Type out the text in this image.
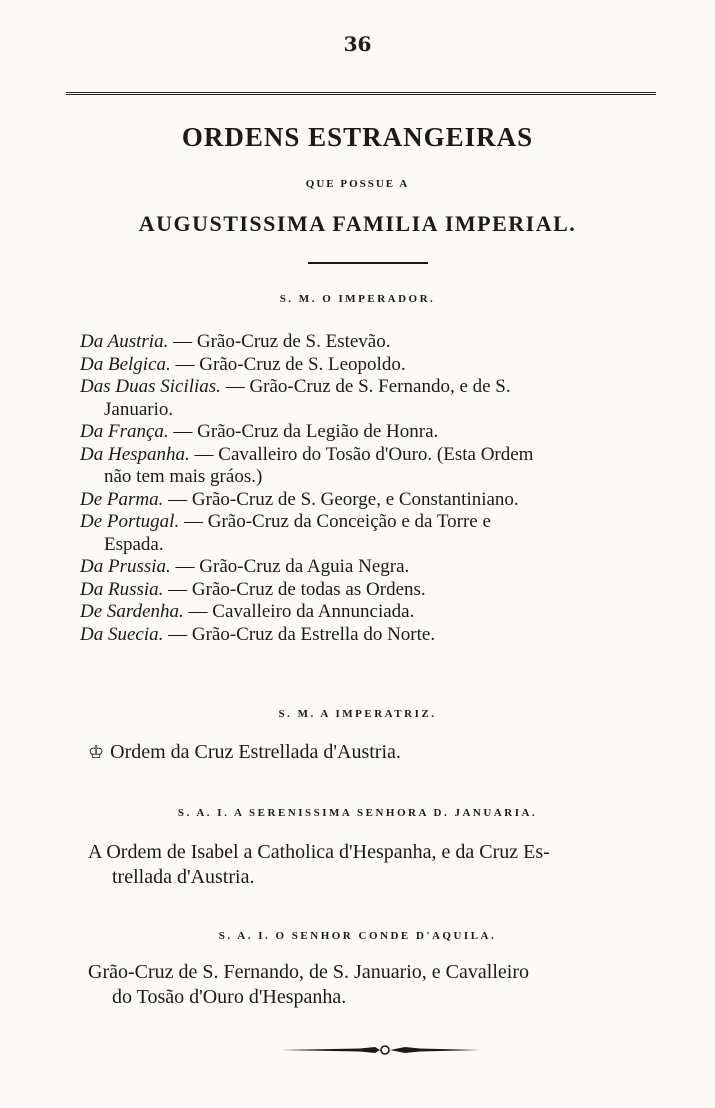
36
ORDENS ESTRANGEIRAS
QUE POSSUE A
AUGUSTISSIMA FAMILIA IMPERIAL.
S. M. O IMPERADOR.
Da Austria. — Grão-Cruz de S. Estevão.
Da Belgica. — Grão-Cruz de S. Leopoldo.
Das Duas Sicilias. — Grão-Cruz de S. Fernando, e de S.
Januario.
Da França. — Grão-Cruz da Legião de Honra.
Da Hespanha. — Cavalleiro do Tosão d'Ouro. (Esta Ordem
não tem mais gráos.)
De Parma. — Grão-Cruz de S. George, e Constantiniano.
De Portugal. — Grão-Cruz da Conceição e da Torre e
Espada.
Da Prussia. — Grão-Cruz da Aguia Negra.
Da Russia. — Grão-Cruz de todas as Ordens.
De Sardenha. — Cavalleiro da Annunciada.
Da Suecia. — Grão-Cruz da Estrella do Norte.
S. M. A IMPERATRIZ.
♔ Ordem da Cruz Estrellada d'Austria.
S. A. I. A SERENISSIMA SENHORA D. JANUARIA.
A Ordem de Isabel a Catholica d'Hespanha, e da Cruz Es-
trellada d'Austria.
S. A. I. O SENHOR CONDE D'AQUILA.
Grão-Cruz de S. Fernando, de S. Januario, e Cavalleiro
do Tosão d'Ouro d'Hespanha.
